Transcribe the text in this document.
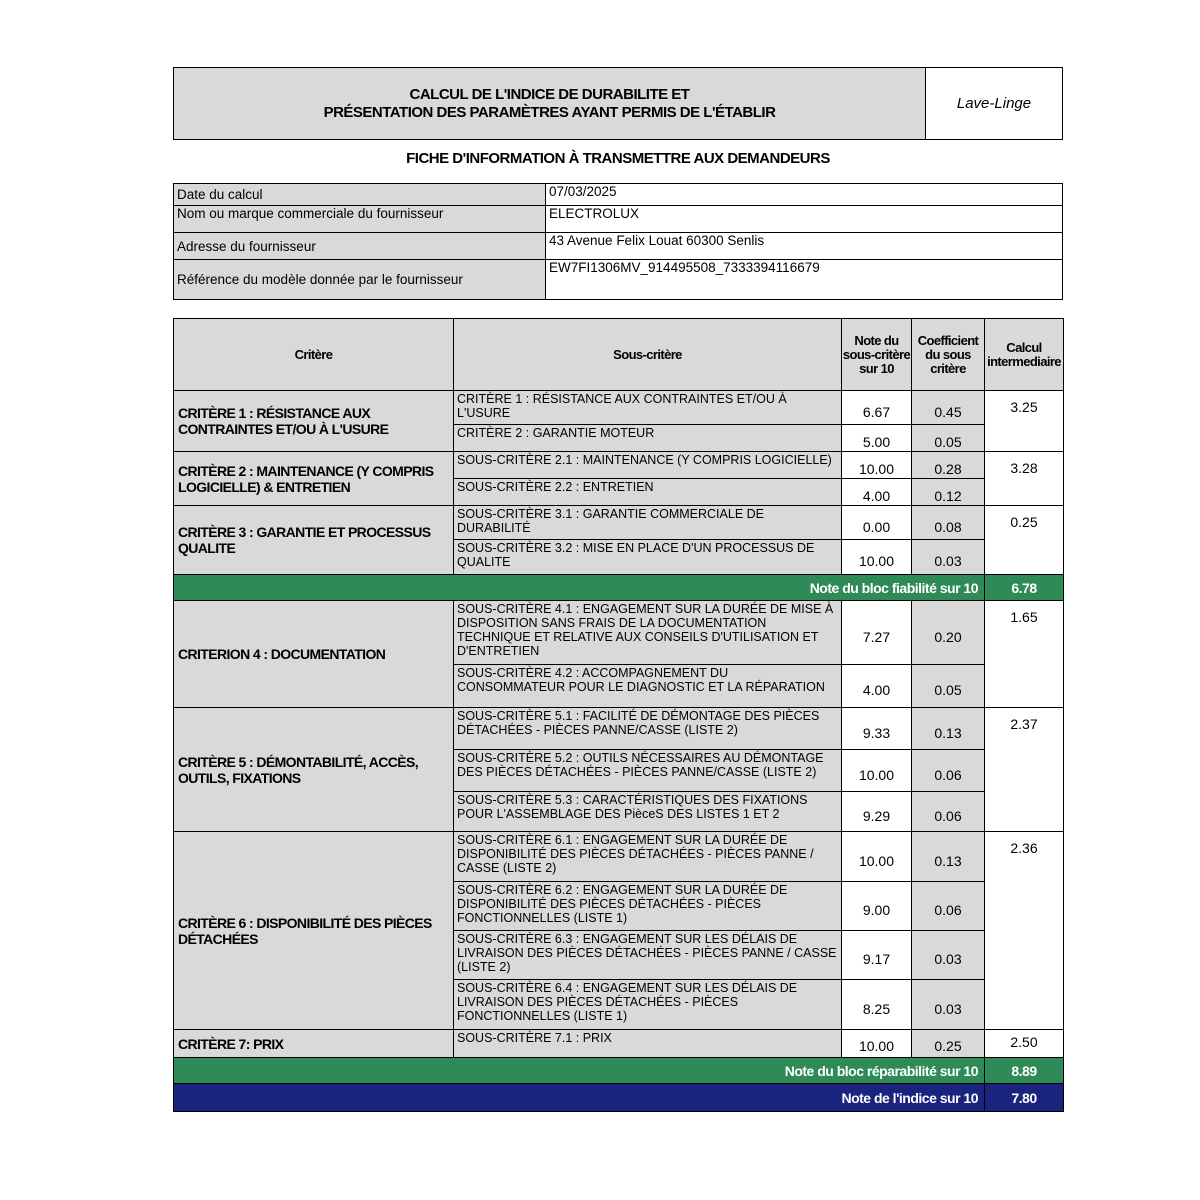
CALCUL DE L'INDICE DE DURABILITE ET
PRÉSENTATION DES PARAMÈTRES AYANT PERMIS DE L'ÉTABLIR	Lave-Linge
FICHE D'INFORMATION À TRANSMETTRE AUX DEMANDEURS
Date du calcul	07/03/2025
Nom ou marque commerciale du fournisseur	ELECTROLUX
Adresse du fournisseur	43 Avenue Felix Louat 60300 Senlis
Référence du modèle donnée par le fournisseur	EW7FI1306MV_914495508_7333394116679
Critère	Sous-critère	Note du sous-critère sur 10	Coefficient du sous critère	Calcul intermediaire
CRITÈRE 1 : RÉSISTANCE AUX CONTRAINTES ET/OU À L'USURE	CRITÈRE 1 : RÉSISTANCE AUX CONTRAINTES ET/OU À L'USURE	6.67	0.45	3.25
	CRITÈRE 2 : GARANTIE MOTEUR	5.00	0.05	
CRITÈRE 2 : MAINTENANCE (Y COMPRIS LOGICIELLE) & ENTRETIEN	SOUS-CRITÈRE 2.1 : MAINTENANCE (Y COMPRIS LOGICIELLE)	10.00	0.28	3.28
	SOUS-CRITÈRE 2.2 : ENTRETIEN	4.00	0.12	
CRITÈRE 3 : GARANTIE ET PROCESSUS QUALITE	SOUS-CRITÈRE 3.1 : GARANTIE COMMERCIALE DE DURABILITÉ	0.00	0.08	0.25
	SOUS-CRITÈRE 3.2 : MISE EN PLACE D'UN PROCESSUS DE QUALITE	10.00	0.03	
Note du bloc fiabilité sur 10				6.78
CRITERION 4 : DOCUMENTATION	SOUS-CRITÈRE 4.1 : ENGAGEMENT SUR LA DURÉE DE MISE À DISPOSITION SANS FRAIS DE LA DOCUMENTATION TECHNIQUE ET RELATIVE AUX CONSEILS D'UTILISATION ET D'ENTRETIEN	7.27	0.20	1.65
	SOUS-CRITÈRE 4.2 : ACCOMPAGNEMENT DU CONSOMMATEUR POUR LE DIAGNOSTIC ET LA RÉPARATION	4.00	0.05	
CRITÈRE 5 : DÉMONTABILITÉ, ACCÈS, OUTILS, FIXATIONS	SOUS-CRITÈRE 5.1 : FACILITÉ DE DÉMONTAGE DES PIÈCES DÉTACHÉES - PIÈCES PANNE/CASSE (LISTE 2)	9.33	0.13	2.37
	SOUS-CRITÈRE 5.2 : OUTILS NÉCESSAIRES AU DÉMONTAGE DES PIÈCES DÉTACHÉES - PIÈCES PANNE/CASSE (LISTE 2)	10.00	0.06	
	SOUS-CRITÈRE 5.3 : CARACTÉRISTIQUES DES FIXATIONS POUR L'ASSEMBLAGE DES PièceS DES LISTES 1 ET 2	9.29	0.06	
CRITÈRE 6 : DISPONIBILITÉ DES PIÈCES DÉTACHÉES	SOUS-CRITÈRE 6.1 : ENGAGEMENT SUR LA DURÉE DE DISPONIBILITÉ DES PIÈCES DÉTACHÉES - PIÈCES PANNE / CASSE (LISTE 2)	10.00	0.13	2.36
	SOUS-CRITÈRE 6.2 : ENGAGEMENT SUR LA DURÉE DE DISPONIBILITÉ DES PIÈCES DÉTACHÉES - PIÈCES FONCTIONNELLES (LISTE 1)	9.00	0.06	
	SOUS-CRITÈRE 6.3 : ENGAGEMENT SUR LES DÉLAIS DE LIVRAISON DES PIÈCES DÉTACHÉES - PIÈCES PANNE / CASSE (LISTE 2)	9.17	0.03	
	SOUS-CRITÈRE 6.4 : ENGAGEMENT SUR LES DÉLAIS DE LIVRAISON DES PIÈCES DÉTACHÉES - PIÈCES FONCTIONNELLES (LISTE 1)	8.25	0.03	
CRITÈRE 7: PRIX	SOUS-CRITÈRE 7.1 : PRIX	10.00	0.25	2.50
Note du bloc réparabilité sur 10				8.89
Note de l'indice sur 10				7.80
